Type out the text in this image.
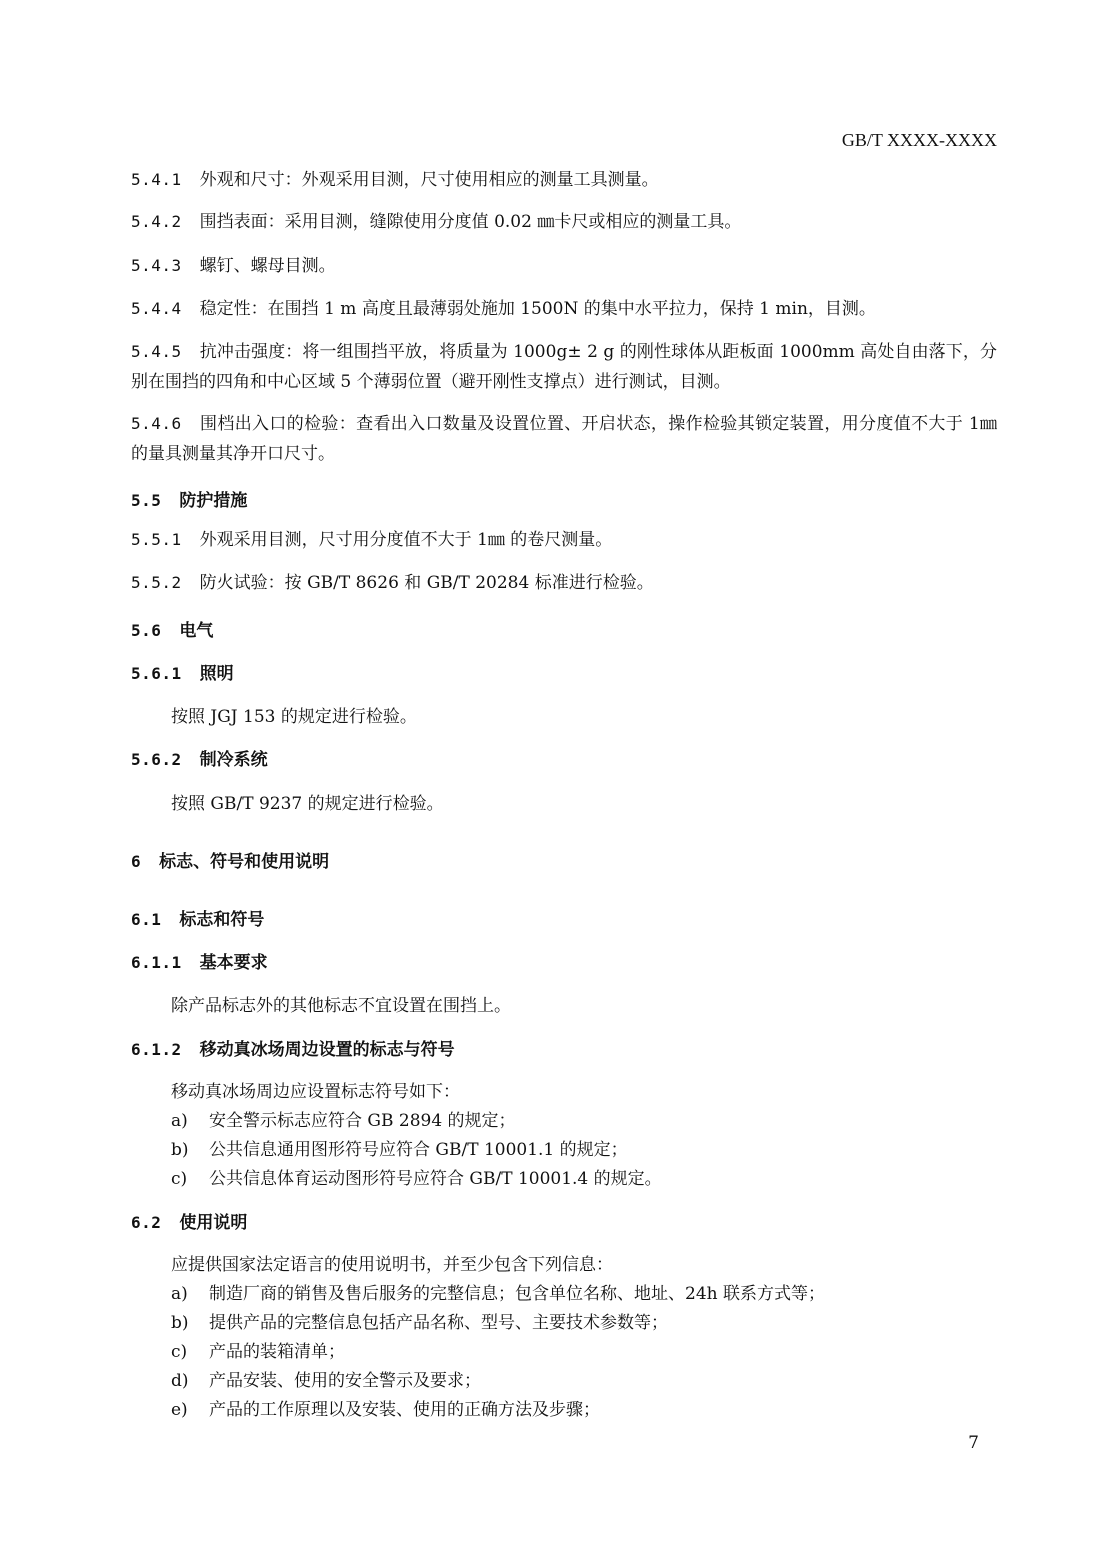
GB/T XXXX-XXXX
5.4.1 外观和尺寸：外观采用目测，尺寸使用相应的测量工具测量。
5.4.2 围挡表面：采用目测，缝隙使用分度值 0.02 ㎜卡尺或相应的测量工具。
5.4.3 螺钉、螺母目测。
5.4.4 稳定性：在围挡 1 m 高度且最薄弱处施加 1500N 的集中水平拉力，保持 1 min，目测。
5.4.5 抗冲击强度：将一组围挡平放，将质量为 1000g± 2 g 的刚性球体从距板面 1000mm 高处自由落下，分别在围挡的四角和中心区域 5 个薄弱位置（避开刚性支撑点）进行测试，目测。
5.4.6 围档出入口的检验：查看出入口数量及设置位置、开启状态，操作检验其锁定装置，用分度值不大于 1㎜ 的量具测量其净开口尺寸。
5.5 防护措施
5.5.1 外观采用目测，尺寸用分度值不大于 1㎜ 的卷尺测量。
5.5.2 防火试验：按 GB/T 8626 和 GB/T 20284 标准进行检验。
5.6 电气
5.6.1 照明
按照 JGJ 153 的规定进行检验。
5.6.2 制冷系统
按照 GB/T 9237 的规定进行检验。
6 标志、符号和使用说明
6.1 标志和符号
6.1.1 基本要求
除产品标志外的其他标志不宜设置在围挡上。
6.1.2 移动真冰场周边设置的标志与符号
移动真冰场周边应设置标志符号如下：
a) 安全警示标志应符合 GB 2894 的规定；
b) 公共信息通用图形符号应符合 GB/T 10001.1 的规定；
c) 公共信息体育运动图形符号应符合 GB/T 10001.4 的规定。
6.2 使用说明
应提供国家法定语言的使用说明书，并至少包含下列信息：
a) 制造厂商的销售及售后服务的完整信息；包含单位名称、地址、24h 联系方式等；
b) 提供产品的完整信息包括产品名称、型号、主要技术参数等；
c) 产品的装箱清单；
d) 产品安装、使用的安全警示及要求；
e) 产品的工作原理以及安装、使用的正确方法及步骤；
7
